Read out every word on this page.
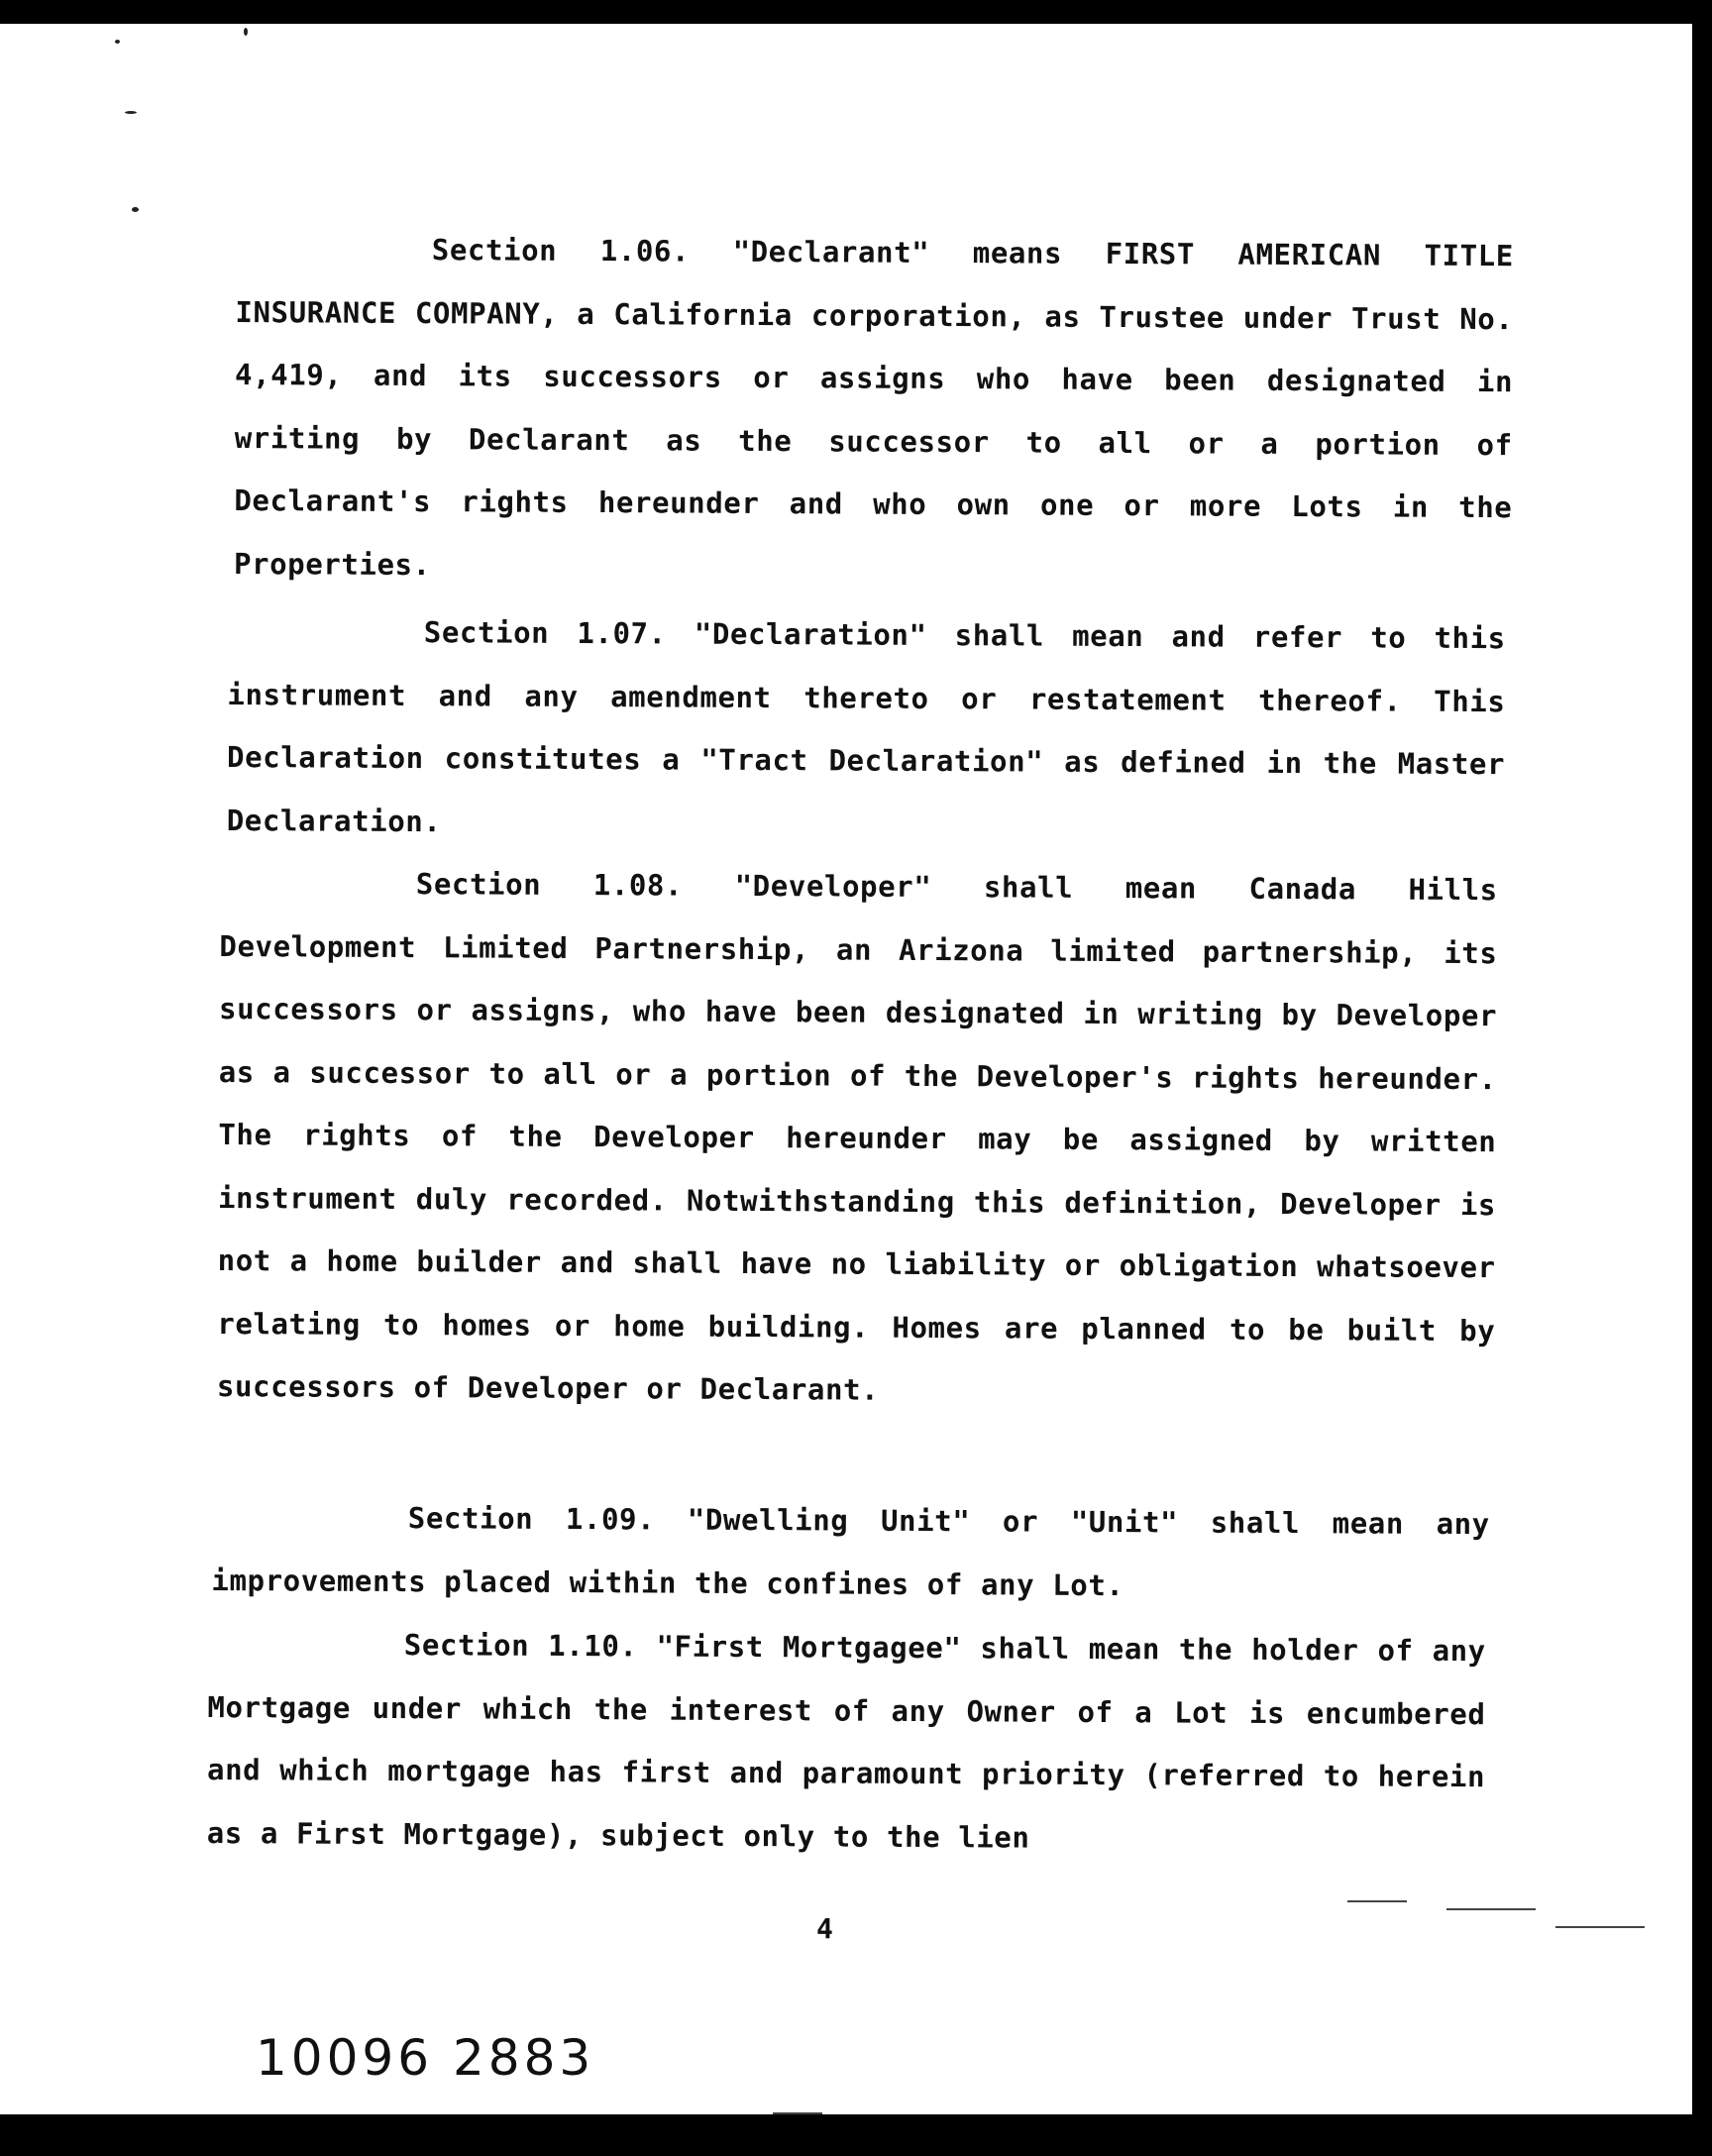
Section 1.06. "Declarant" means FIRST AMERICAN TITLE INSURANCE COMPANY, a California corporation, as Trustee under Trust No. 4,419, and its successors or assigns who have been designated in writing by Declarant as the successor to all or a portion of Declarant's rights hereunder and who own one or more Lots in the Properties.

Section 1.07. "Declaration" shall mean and refer to this instrument and any amendment thereto or restatement thereof. This Declaration constitutes a "Tract Declaration" as defined in the Master Declaration.

Section 1.08. "Developer" shall mean Canada Hills Development Limited Partnership, an Arizona limited partnership, its successors or assigns, who have been designated in writing by Developer as a successor to all or a portion of the Developer's rights hereunder. The rights of the Developer hereunder may be assigned by written instrument duly recorded. Notwithstanding this definition, Developer is not a home builder and shall have no liability or obligation whatsoever relating to homes or home building. Homes are planned to be built by successors of Developer or Declarant.

Section 1.09. "Dwelling Unit" or "Unit" shall mean any improvements placed within the confines of any Lot.

Section 1.10. "First Mortgagee" shall mean the holder of any Mortgage under which the interest of any Owner of a Lot is encumbered and which mortgage has first and paramount priority (referred to herein as a First Mortgage), subject only to the lien

4
10096 2883
